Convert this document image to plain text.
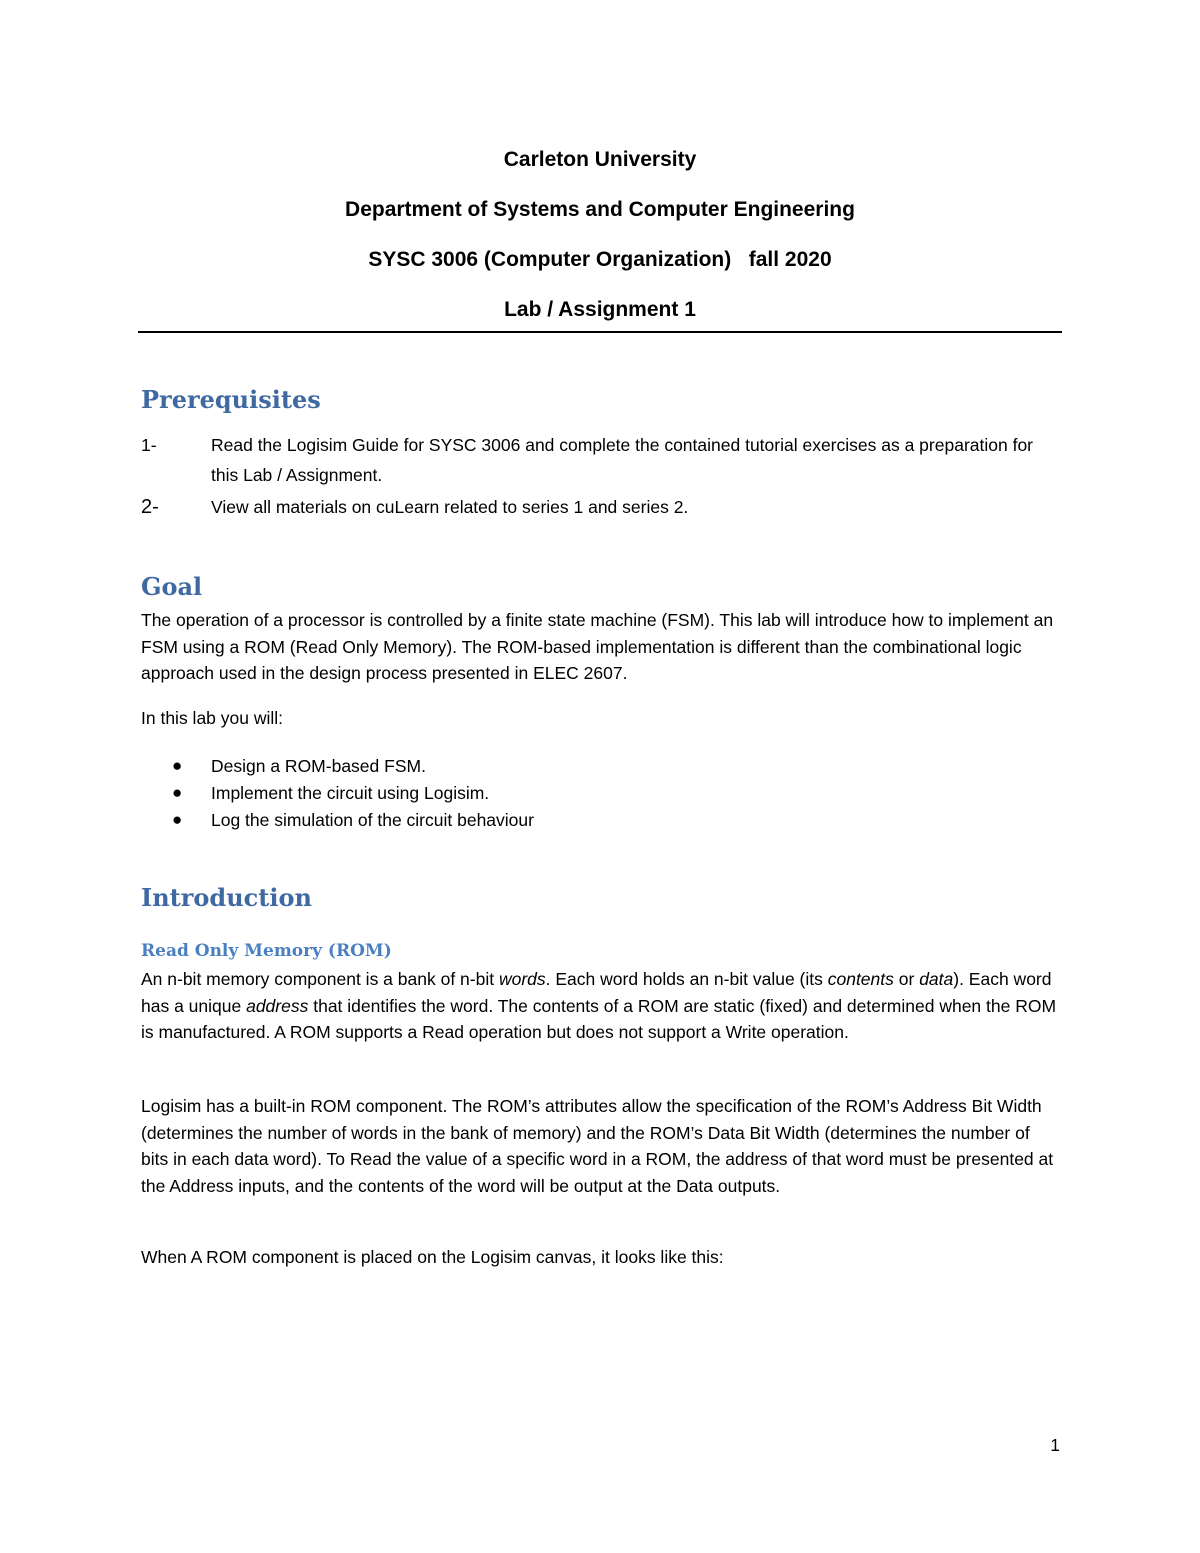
Carleton University
Department of Systems and Computer Engineering
SYSC 3006 (Computer Organization)   fall 2020
Lab / Assignment 1
Prerequisites
1-	Read the Logisim Guide for SYSC 3006 and complete the contained tutorial exercises as a preparation for this Lab / Assignment.
2-	View all materials on cuLearn related to series 1 and series 2.
Goal
The operation of a processor is controlled by a finite state machine (FSM). This lab will introduce how to implement an FSM using a ROM (Read Only Memory). The ROM-based implementation is different than the combinational logic approach used in the design process presented in ELEC 2607.
In this lab you will:
●	Design a ROM-based FSM.
●	Implement the circuit using Logisim.
●	Log the simulation of the circuit behaviour
Introduction
Read Only Memory (ROM)
An n-bit memory component is a bank of n-bit words. Each word holds an n-bit value (its contents or data). Each word has a unique address that identifies the word. The contents of a ROM are static (fixed) and determined when the ROM is manufactured. A ROM supports a Read operation but does not support a Write operation.
Logisim has a built-in ROM component. The ROM’s attributes allow the specification of the ROM’s Address Bit Width (determines the number of words in the bank of memory) and the ROM’s Data Bit Width (determines the number of bits in each data word). To Read the value of a specific word in a ROM, the address of that word must be presented at the Address inputs, and the contents of the word will be output at the Data outputs.
When A ROM component is placed on the Logisim canvas, it looks like this:
1
